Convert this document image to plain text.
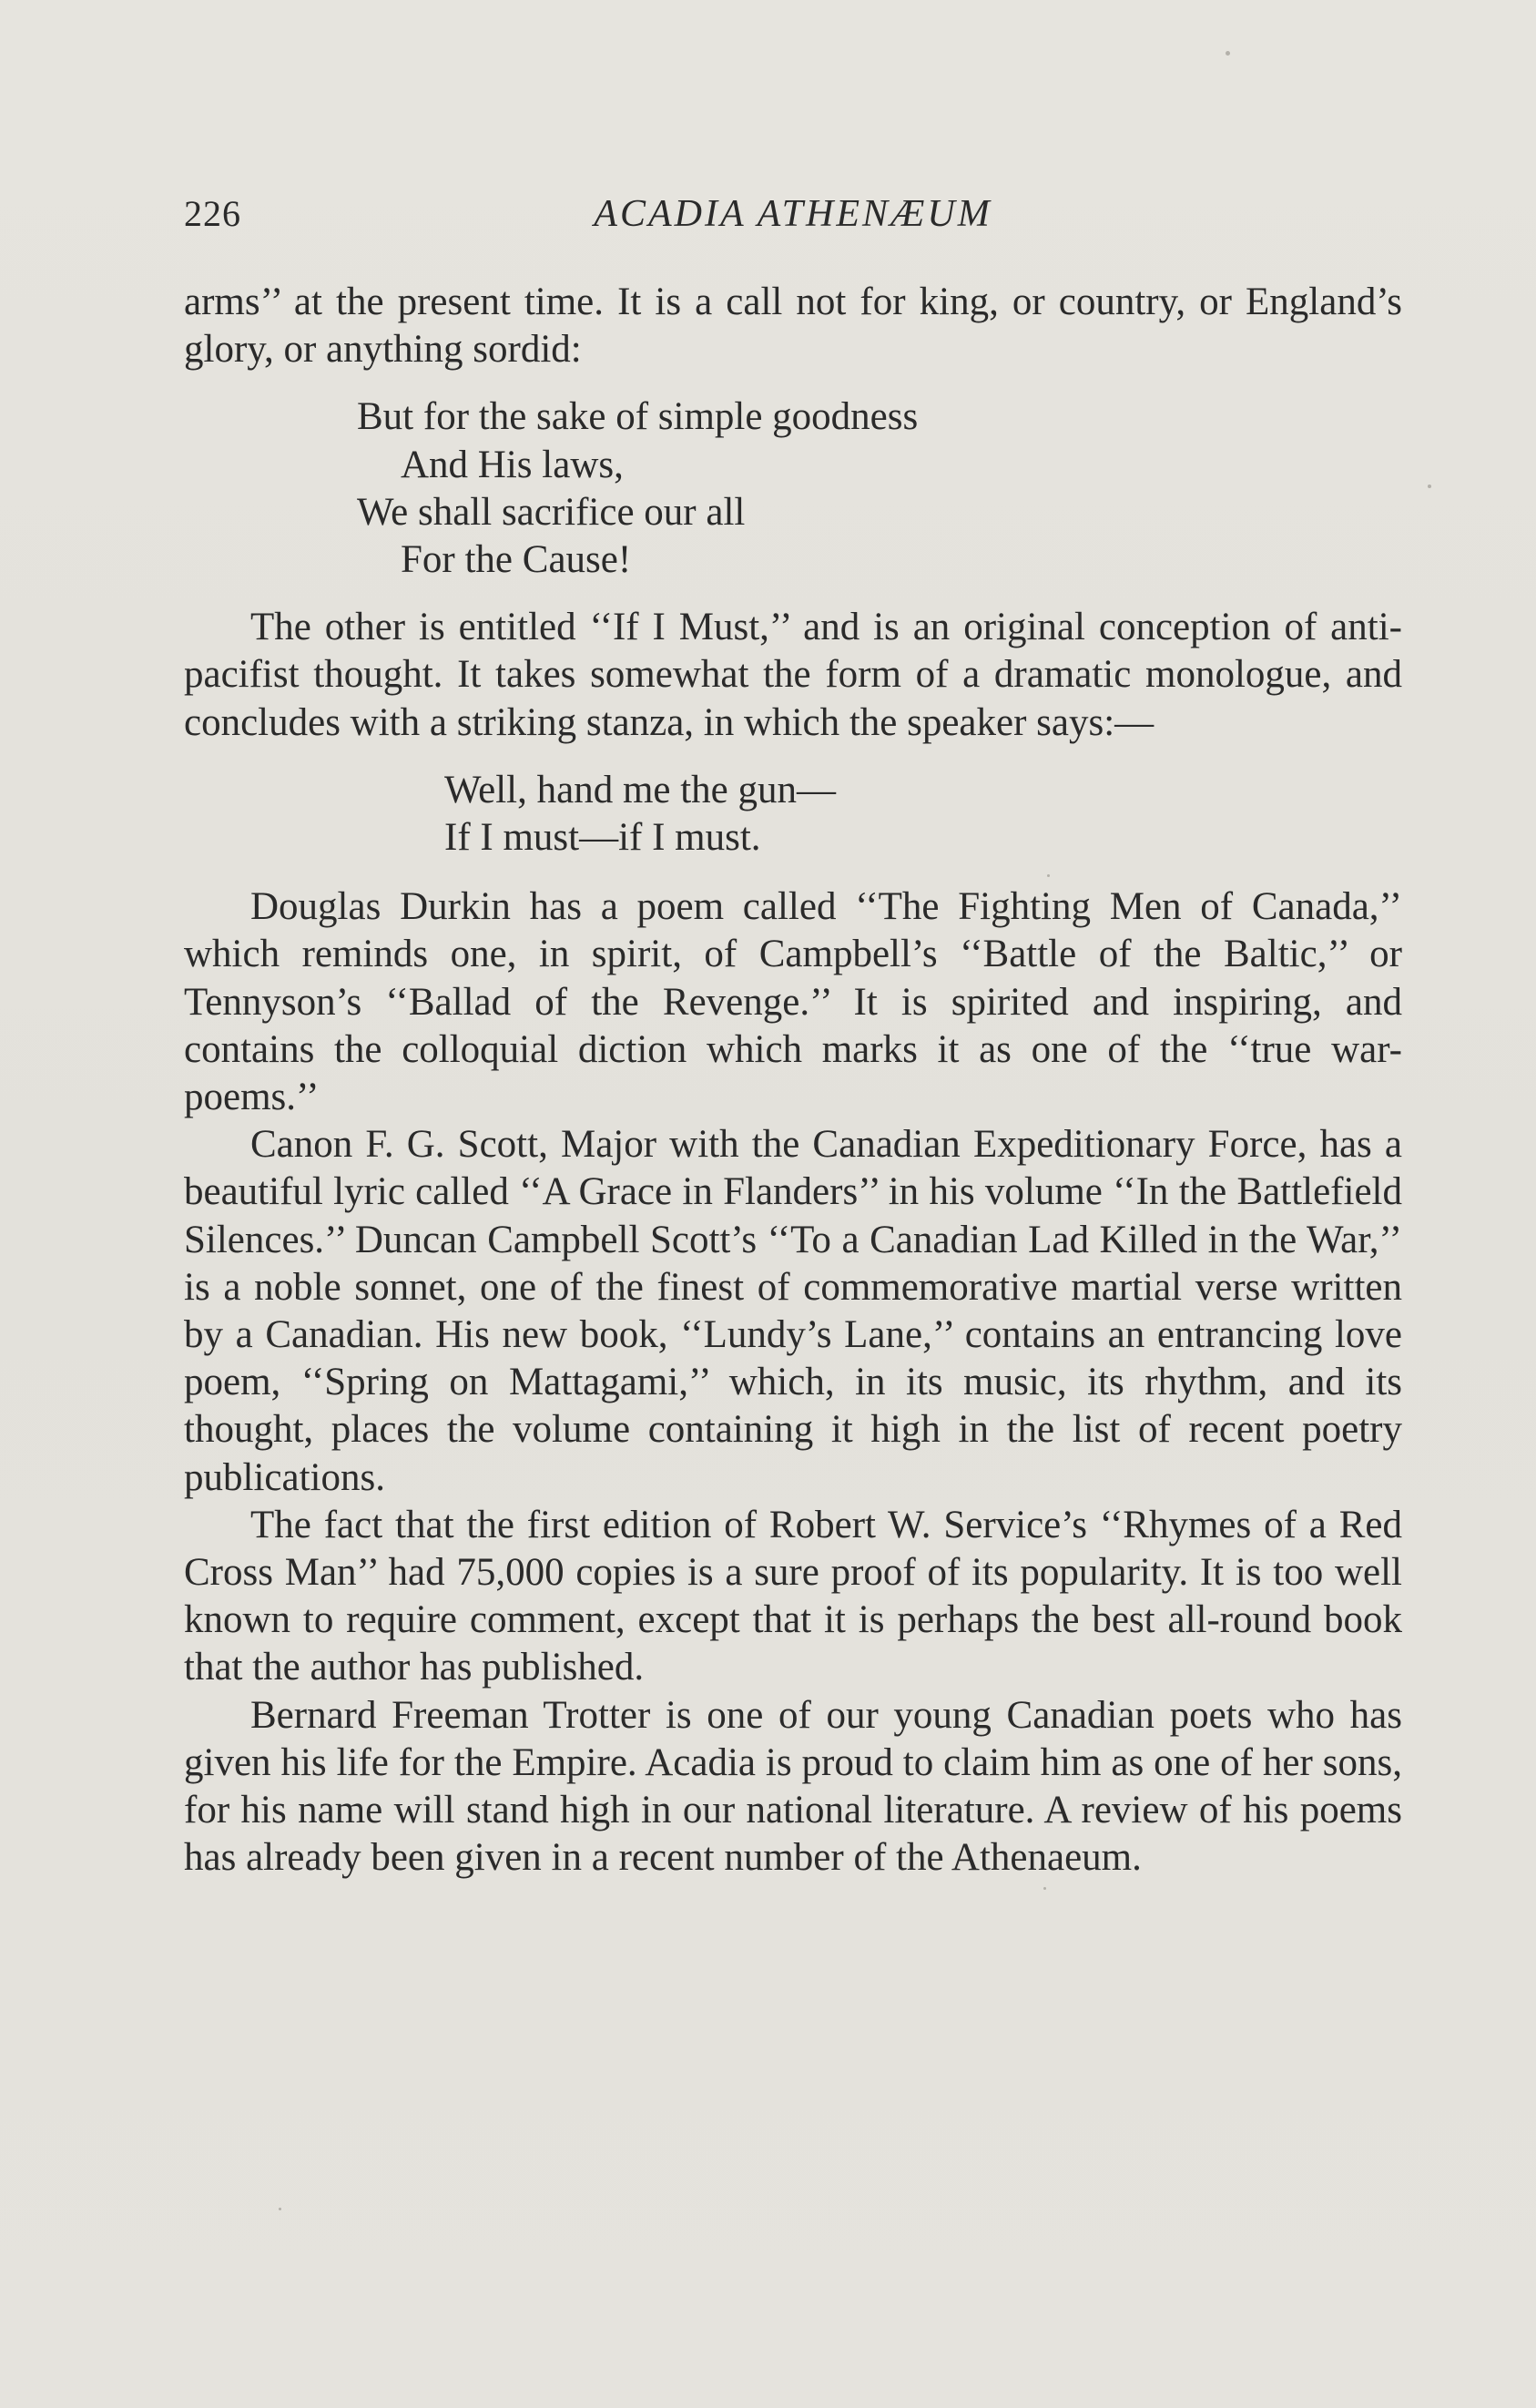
226	ACADIA ATHENÆUM

arms’’ at the present time. It is a call not for king, or country, or England’s glory, or anything sordid:

But for the sake of simple goodness

And His laws,

We shall sacrifice our all

For the Cause!

The other is entitled ‘‘If I Must,’’ and is an original conception of anti-pacifist thought. It takes somewhat the form of a dramatic monologue, and concludes with a striking stanza, in which the speaker says:—

Well, hand me the gun—

If I must—if I must.

Douglas Durkin has a poem called ‘‘The Fighting Men of Canada,’’ which reminds one, in spirit, of Campbell’s ‘‘Battle of the Baltic,’’ or Tennyson’s ‘‘Ballad of the Revenge.’’ It is spirited and inspiring, and contains the colloquial diction which marks it as one of the ‘‘true war-poems.’’

Canon F. G. Scott, Major with the Canadian Expeditionary Force, has a beautiful lyric called ‘‘A Grace in Flanders’’ in his volume ‘‘In the Battlefield Silences.’’ Duncan Campbell Scott’s ‘‘To a Canadian Lad Killed in the War,’’ is a noble sonnet, one of the finest of commemorative martial verse written by a Canadian. His new book, ‘‘Lundy’s Lane,’’ contains an entrancing love poem, ‘‘Spring on Mattagami,’’ which, in its music, its rhythm, and its thought, places the volume containing it high in the list of recent poetry publications.

The fact that the first edition of Robert W. Service’s ‘‘Rhymes of a Red Cross Man’’ had 75,000 copies is a sure proof of its popularity. It is too well known to require comment, except that it is perhaps the best all-round book that the author has published.

Bernard Freeman Trotter is one of our young Canadian poets who has given his life for the Empire. Acadia is proud to claim him as one of her sons, for his name will stand high in our national literature. A review of his poems has already been given in a recent number of the Athenaeum.
